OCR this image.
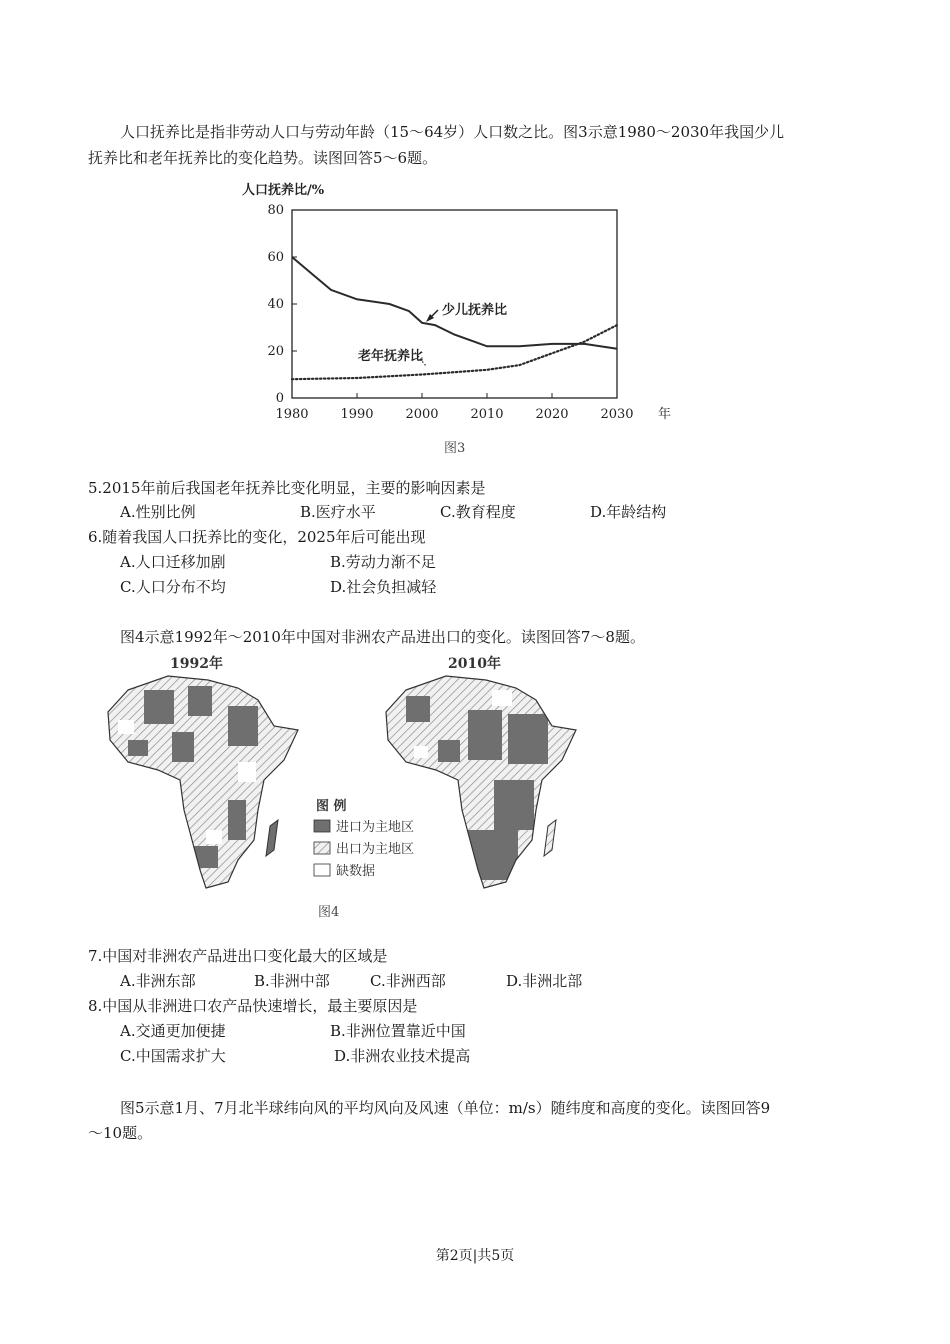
人口抚养比是指非劳动人口与劳动年龄（15～64岁）人口数之比。图3示意1980～2030年我国少儿
抚养比和老年抚养比的变化趋势。读图回答5～6题。
人口抚养比/%
0
20
40
60
80
1980 1990 2000 2010 2020 2030 年
少儿抚养比
老年抚养比
图3
5.2015年前后我国老年抚养比变化明显，主要的影响因素是
A.性别比例	B.医疗水平	C.教育程度	D.年龄结构
6.随着我国人口抚养比的变化，2025年后可能出现
A.人口迁移加剧	B.劳动力渐不足
C.人口分布不均	D.社会负担减轻
图4示意1992年～2010年中国对非洲农产品进出口的变化。读图回答7～8题。
1992年	2010年
图 例
进口为主地区
出口为主地区
缺数据
图4
7.中国对非洲农产品进出口变化最大的区域是
A.非洲东部	B.非洲中部	C.非洲西部	D.非洲北部
8.中国从非洲进口农产品快速增长，最主要原因是
A.交通更加便捷	B.非洲位置靠近中国
C.中国需求扩大	D.非洲农业技术提高
图5示意1月、7月北半球纬向风的平均风向及风速（单位：m/s）随纬度和高度的变化。读图回答9
～10题。
第2页|共5页
